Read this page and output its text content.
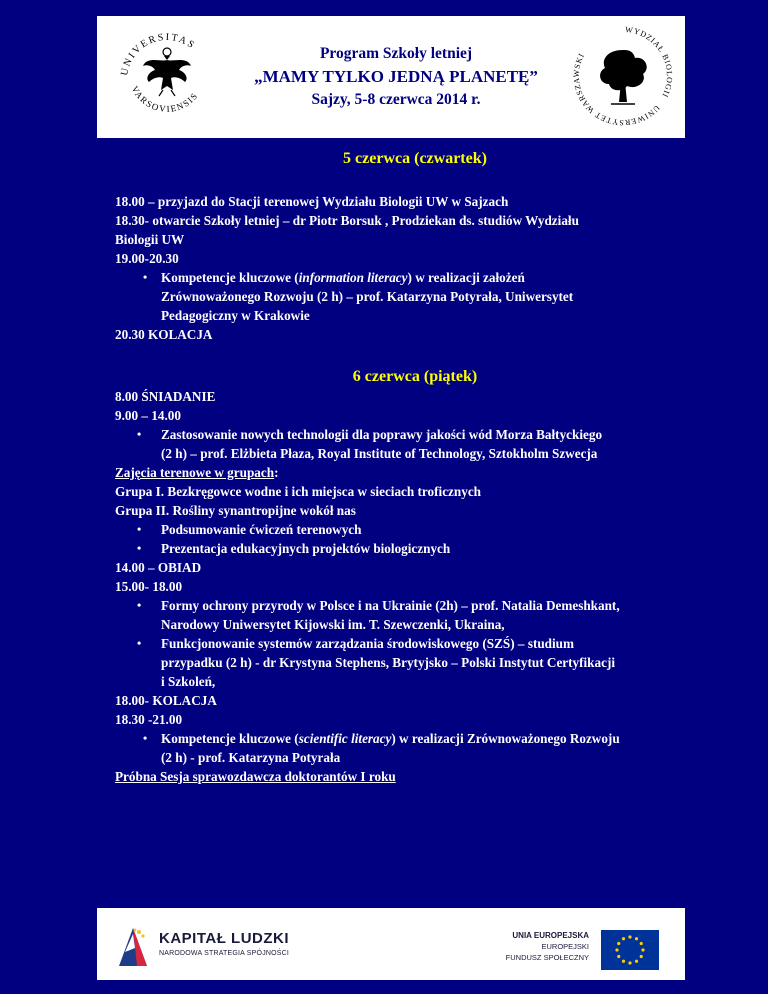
UNIVERSITAS
VARSOVIENSIS
Program Szkoły letniej
„MAMY TYLKO JEDNĄ PLANETĘ”
Sajzy, 5-8 czerwca 2014 r.
WYDZIAŁ BIOLOGII
UNIWERSYTET WARSZAWSKI
5 czerwca (czwartek)
18.00 – przyjazd do Stacji terenowej Wydziału Biologii UW w Sajzach
18.30- otwarcie Szkoły letniej – dr Piotr Borsuk , Prodziekan ds. studiów Wydziału
Biologii UW
19.00-20.30
• Kompetencje kluczowe (information literacy) w realizacji założeń
Zrównoważonego Rozwoju (2 h) – prof. Katarzyna Potyrała, Uniwersytet
Pedagogiczny w Krakowie
20.30 KOLACJA
6 czerwca (piątek)
8.00 ŚNIADANIE
9.00 – 14.00
• Zastosowanie nowych technologii dla poprawy jakości wód Morza Bałtyckiego
(2 h) – prof. Elżbieta Płaza, Royal Institute of Technology, Sztokholm Szwecja
Zajęcia terenowe w grupach:
Grupa I. Bezkręgowce wodne i ich miejsca w sieciach troficznych
Grupa II. Rośliny synantropijne wokół nas
• Podsumowanie ćwiczeń terenowych
• Prezentacja edukacyjnych projektów biologicznych
14.00 – OBIAD
15.00- 18.00
• Formy ochrony przyrody w Polsce i na Ukrainie (2h) – prof. Natalia Demeshkant,
Narodowy Uniwersytet Kijowski im. T. Szewczenki, Ukraina,
• Funkcjonowanie systemów zarządzania środowiskowego (SZŚ) – studium
przypadku (2 h) - dr Krystyna Stephens, Brytyjsko – Polski Instytut Certyfikacji
i Szkoleń,
18.00- KOLACJA
18.30 -21.00
• Kompetencje kluczowe (scientific literacy) w realizacji Zrównoważonego Rozwoju
(2 h) - prof. Katarzyna Potyrała
Próbna Sesja sprawozdawcza doktorantów I roku
KAPITAŁ LUDZKI
NARODOWA STRATEGIA SPÓJNOŚCI
UNIA EUROPEJSKA
EUROPEJSKI
FUNDUSZ SPOŁECZNY
